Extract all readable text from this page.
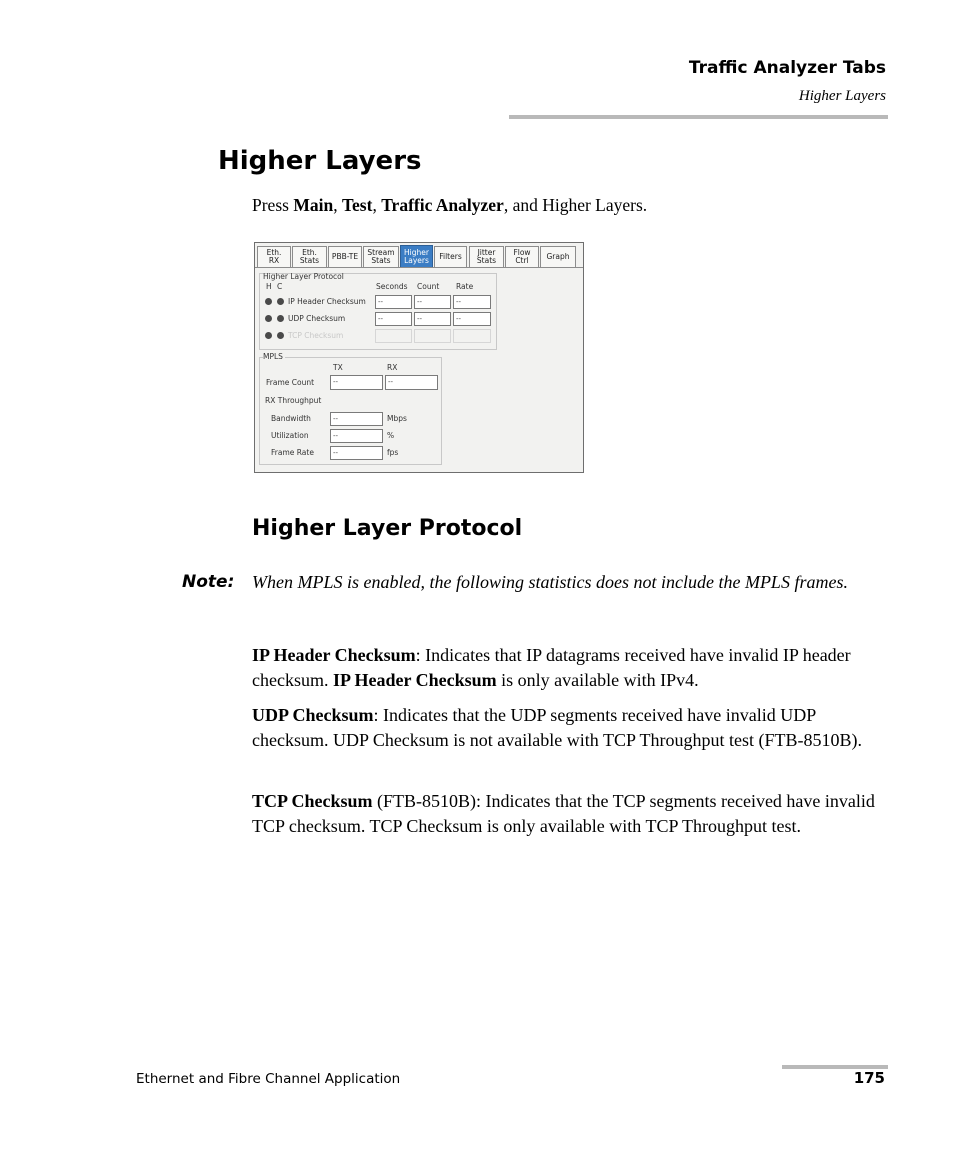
Traffic Analyzer Tabs
Higher Layers
Higher Layers
Press Main, Test, Traffic Analyzer, and Higher Layers.
Eth.
RX
Eth.
Stats PBB-TE Stream
Stats
Higher
Layers Filters Jitter
Stats
Flow
Ctrl Graph
Higher Layer Protocol
H C	Seconds Count Rate
IP Header Checksum	--	--	--
UDP Checksum	--	--	--
TCP Checksum
MPLS
TX	RX
Frame Count	--	--
RX Throughput
Bandwidth	--	Mbps
Utilization	--	%
Frame Rate	--	fps
Higher Layer Protocol
Note: When MPLS is enabled, the following statistics does not include the MPLS frames.
IP Header Checksum: Indicates that IP datagrams received have invalid IP header checksum. IP Header Checksum is only available with IPv4.
UDP Checksum: Indicates that the UDP segments received have invalid UDP checksum. UDP Checksum is not available with TCP Throughput test (FTB-8510B).
TCP Checksum (FTB-8510B): Indicates that the TCP segments received have invalid TCP checksum. TCP Checksum is only available with TCP Throughput test.
Ethernet and Fibre Channel Application	175
